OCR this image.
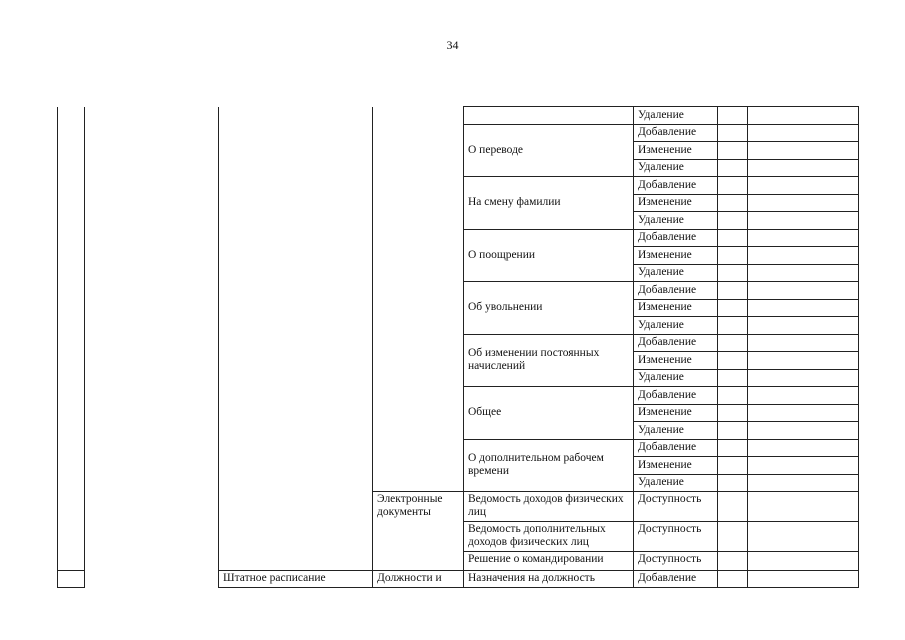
34
					Удаление		
				О переводе	Добавление		
					Изменение		
					Удаление		
				На смену фамилии	Добавление		
					Изменение		
					Удаление		
				О поощрении	Добавление		
					Изменение		
					Удаление		
				Об увольнении	Добавление		
					Изменение		
					Удаление		
				Об изменении постоянных начислений	Добавление		
					Изменение		
					Удаление		
				Общее	Добавление		
					Изменение		
					Удаление		
				О дополнительном рабочем времени	Добавление		
					Изменение		
					Удаление		
			Электронные документы	Ведомость доходов физических лиц	Доступность		
				Ведомость дополнительных доходов физических лиц	Доступность		
				Решение о командировании	Доступность		
		Штатное расписание	Должности и	Назначения на должность	Добавление		
